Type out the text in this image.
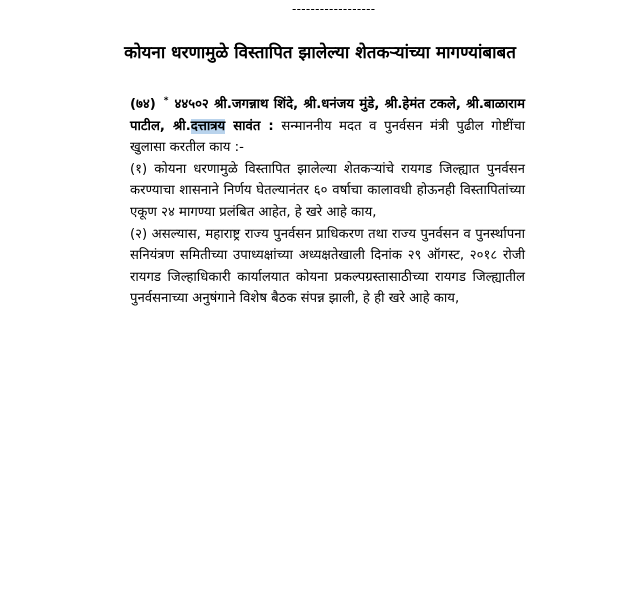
------------------
कोयना धरणामुळे विस्तापित झालेल्या शेतकऱ्यांच्या मागण्यांबाबत

(७४) * ४४५०२ श्री.जगन्नाथ शिंदे, श्री.धनंजय मुंडे, श्री.हेमंत टकले, श्री.बाळाराम पाटील, श्री.दत्तात्रय सावंत : सन्माननीय मदत व पुनर्वसन मंत्री पुढील गोष्टींचा खुलासा करतील काय :-

(१) कोयना धरणामुळे विस्तापित झालेल्या शेतकऱ्यांचे रायगड जिल्ह्यात पुनर्वसन करण्याचा शासनाने निर्णय घेतल्यानंतर ६० वर्षाचा कालावधी होऊनही विस्तापितांच्या एकूण २४ मागण्या प्रलंबित आहेत, हे खरे आहे काय,

(२) असल्यास, महाराष्ट्र राज्य पुनर्वसन प्राधिकरण तथा राज्य पुनर्वसन व पुनर्स्थापना सनियंत्रण समितीच्या उपाध्यक्षांच्या अध्यक्षतेखाली दिनांक २९ ऑगस्ट, २०१८ रोजी रायगड जिल्हाधिकारी कार्यालयात कोयना प्रकल्पग्रस्तासाठीच्या रायगड जिल्ह्यातील पुनर्वसनाच्या अनुषंगाने विशेष बैठक संपन्न झाली, हे ही खरे आहे काय,
